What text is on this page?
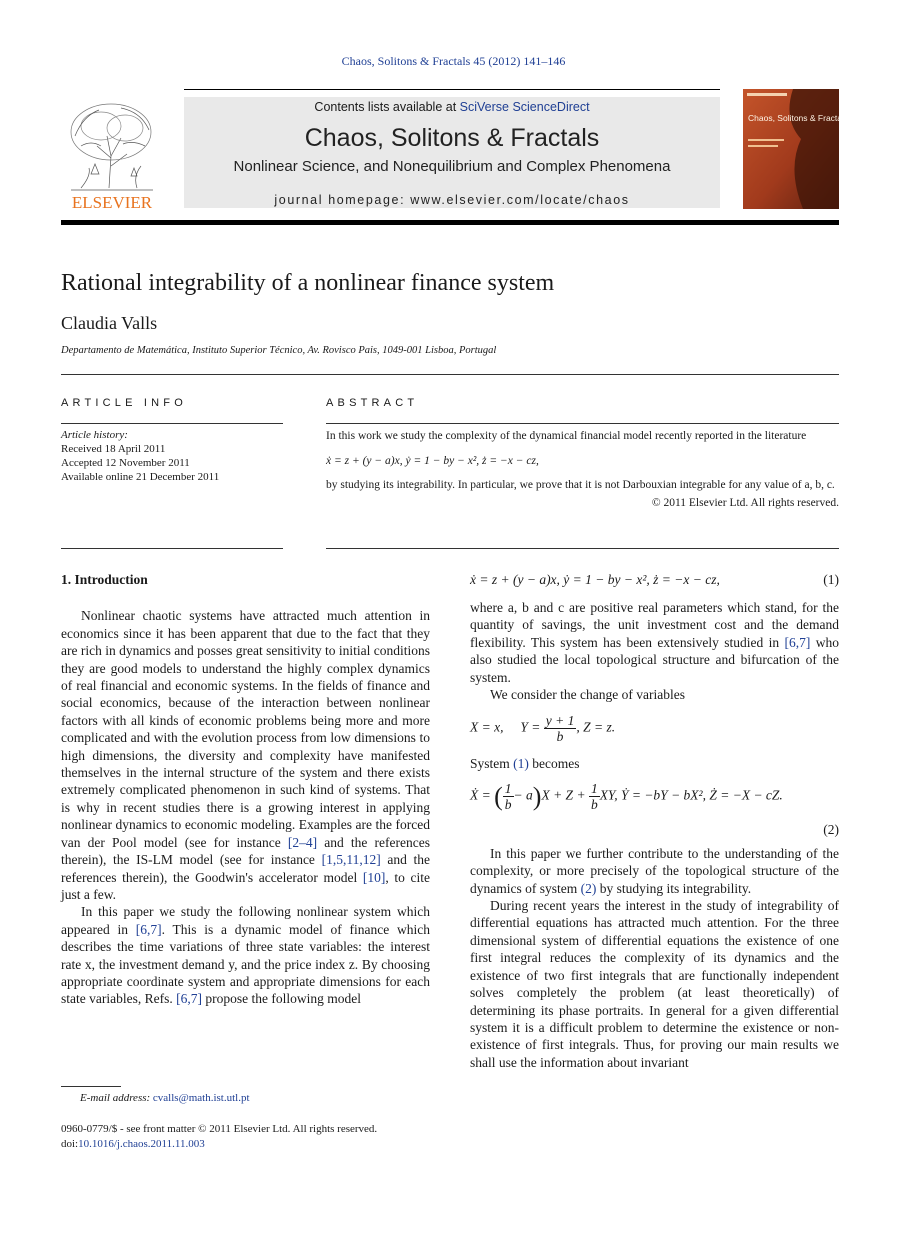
Chaos, Solitons & Fractals 45 (2012) 141–146
ELSEVIER
Contents lists available at SciVerse ScienceDirect
Chaos, Solitons & Fractals
Nonlinear Science, and Nonequilibrium and Complex Phenomena
journal homepage: www.elsevier.com/locate/chaos
Chaos, Solitons & Fractals
Rational integrability of a nonlinear finance system
Claudia Valls
Departamento de Matemática, Instituto Superior Técnico, Av. Rovisco Pais, 1049-001 Lisboa, Portugal
ARTICLE INFO	ABSTRACT
Article history:
Received 18 April 2011
Accepted 12 November 2011
Available online 21 December 2011

In this work we study the complexity of the dynamical financial model recently reported in the literature

ẋ = z + (y − a)x, ẏ = 1 − by − x², ż = −x − cz,

by studying its integrability. In particular, we prove that it is not Darbouxian integrable for any value of a, b, c.

© 2011 Elsevier Ltd. All rights reserved.

1. Introduction

Nonlinear chaotic systems have attracted much attention in economics since it has been apparent that due to the fact that they are rich in dynamics and posses great sensitivity to initial conditions they are good models to understand the highly complex dynamics of real financial and economic systems. In the fields of finance and social economics, because of the interaction between nonlinear factors with all kinds of economic problems being more and more complicated and with the evolution process from low dimensions to high dimensions, the diversity and complexity have manifested themselves in the internal structure of the system and there exists extremely complicated phenomenon in such kind of systems. That is why in recent studies there is a growing interest in applying nonlinear dynamics to economic modeling. Examples are the forced van der Pool model (see for instance [2–4] and the references therein), the IS-LM model (see for instance [1,5,11,12] and the references therein), the Goodwin's accelerator model [10], to cite just a few.

In this paper we study the following nonlinear system which appeared in [6,7]. This is a dynamic model of finance which describes the time variations of three state variables: the interest rate x, the investment demand y, and the price index z. By choosing appropriate coordinate system and appropriate dimensions for each state variables, Refs. [6,7] propose the following model

ẋ = z + (y − a)x, ẏ = 1 − by − x², ż = −x − cz,	(1)

where a, b and c are positive real parameters which stand, for the quantity of savings, the unit investment cost and the demand flexibility. This system has been extensively studied in [6,7] who also studied the local topological structure and bifurcation of the system.

We consider the change of variables

X = x, $Y = \frac{y + 1}{b}$ , Z = z.

System (1) becomes

Ẋ = ( $\frac{1}{b} - a)X + Z + \frac{1}{b}$ XY, Ẏ = −bY − bX², Ż = −X − cZ.
(2)

In this paper we further contribute to the understanding of the complexity, or more precisely of the topological structure of the dynamics of system (2) by studying its integrability.

During recent years the interest in the study of integrability of differential equations has attracted much attention. For the three dimensional system of differential equations the existence of one first integral reduces the complexity of its dynamics and the existence of two first integrals that are functionally independent solves completely the problem (at least theoretically) of determining its phase portraits. In general for a given differential system it is a difficult problem to determine the existence or non-existence of first integrals. Thus, for proving our main results we shall use the information about invariant

E-mail address: cvalls@math.ist.utl.pt
0960-0779/$ - see front matter © 2011 Elsevier Ltd. All rights reserved.
doi:10.1016/j.chaos.2011.11.003
